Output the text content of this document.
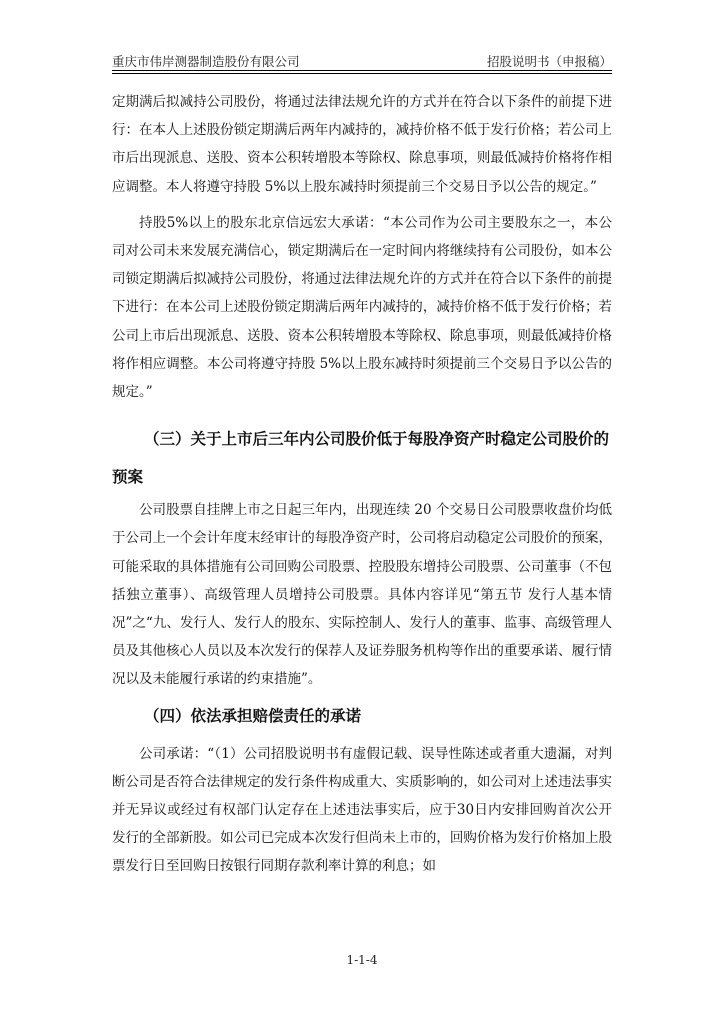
重庆市伟岸测器制造股份有限公司	招股说明书（申报稿）

定期满后拟减持公司股份，将通过法律法规允许的方式并在符合以下条件的前提下进行：在本人上述股份锁定期满后两年内减持的，减持价格不低于发行价格；若公司上市后出现派息、送股、资本公积转增股本等除权、除息事项，则最低减持价格将作相应调整。本人将遵守持股 5%以上股东减持时须提前三个交易日予以公告的规定。”

持股5%以上的股东北京信远宏大承诺：“本公司作为公司主要股东之一，本公司对公司未来发展充满信心，锁定期满后在一定时间内将继续持有公司股份，如本公司锁定期满后拟减持公司股份，将通过法律法规允许的方式并在符合以下条件的前提下进行：在本公司上述股份锁定期满后两年内减持的，减持价格不低于发行价格；若公司上市后出现派息、送股、资本公积转增股本等除权、除息事项，则最低减持价格将作相应调整。本公司将遵守持股 5%以上股东减持时须提前三个交易日予以公告的规定。”

（三）关于上市后三年内公司股价低于每股净资产时稳定公司股价的预案

公司股票自挂牌上市之日起三年内，出现连续 20 个交易日公司股票收盘价均低于公司上一个会计年度末经审计的每股净资产时，公司将启动稳定公司股价的预案，可能采取的具体措施有公司回购公司股票、控股股东增持公司股票、公司董事（不包括独立董事）、高级管理人员增持公司股票。具体内容详见“第五节 发行人基本情况”之“九、发行人、发行人的股东、实际控制人、发行人的董事、监事、高级管理人员及其他核心人员以及本次发行的保荐人及证券服务机构等作出的重要承诺、履行情况以及未能履行承诺的约束措施”。

（四）依法承担赔偿责任的承诺

公司承诺：“（1）公司招股说明书有虚假记载、误导性陈述或者重大遗漏，对判断公司是否符合法律规定的发行条件构成重大、实质影响的，如公司对上述违法事实并无异议或经过有权部门认定存在上述违法事实后，应于30日内安排回购首次公开发行的全部新股。如公司已完成本次发行但尚未上市的，回购价格为发行价格加上股票发行日至回购日按银行同期存款利率计算的利息；如

1-1-4
